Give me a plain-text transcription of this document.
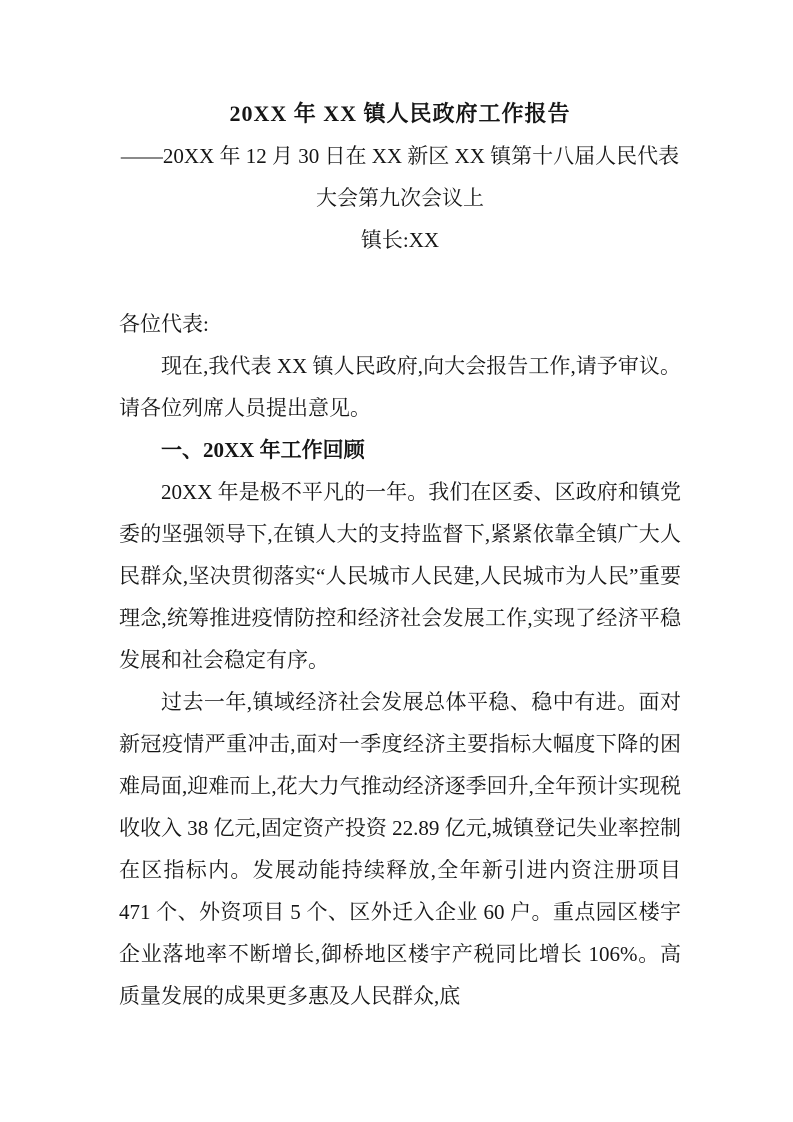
20XX 年 XX 镇人民政府工作报告
——20XX 年 12 月 30 日在 XX 新区 XX 镇第十八届人民代表大会第九次会议上
镇长:XX

各位代表:

现在,我代表 XX 镇人民政府,向大会报告工作,请予审议。请各位列席人员提出意见。

一、20XX 年工作回顾

20XX 年是极不平凡的一年。我们在区委、区政府和镇党委的坚强领导下,在镇人大的支持监督下,紧紧依靠全镇广大人民群众,坚决贯彻落实“人民城市人民建,人民城市为人民”重要理念,统筹推进疫情防控和经济社会发展工作,实现了经济平稳发展和社会稳定有序。

过去一年,镇域经济社会发展总体平稳、稳中有进。面对新冠疫情严重冲击,面对一季度经济主要指标大幅度下降的困难局面,迎难而上,花大力气推动经济逐季回升,全年预计实现税收收入 38 亿元,固定资产投资 22.89 亿元,城镇登记失业率控制在区指标内。发展动能持续释放,全年新引进内资注册项目 471 个、外资项目 5 个、区外迁入企业 60 户。重点园区楼宇企业落地率不断增长,御桥地区楼宇产税同比增长 106%。高质量发展的成果更多惠及人民群众,底
